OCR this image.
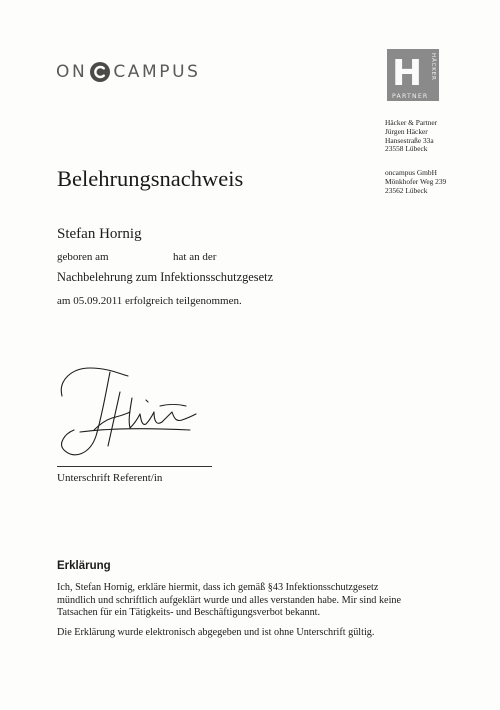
ON CAMPUS	H HÄCKER
PARTNER
Häcker & Partner
Jürgen Häcker
Hansestraße 33a
23558 Lübeck
oncampus GmbH
Mönkhofer Weg 239
23562 Lübeck
Belehrungsnachweis
Stefan Hornig
geboren am	hat an der
Nachbelehrung zum Infektionsschutzgesetz
am 05.09.2011 erfolgreich teilgenommen.
Unterschrift Referent/in
Erklärung
Ich, Stefan Hornig, erkläre hiermit, dass ich gemäß §43 Infektionsschutzgesetz
mündlich und schriftlich aufgeklärt wurde und alles verstanden habe. Mir sind keine
Tatsachen für ein Tätigkeits- und Beschäftigungsverbot bekannt.
Die Erklärung wurde elektronisch abgegeben und ist ohne Unterschrift gültig.
